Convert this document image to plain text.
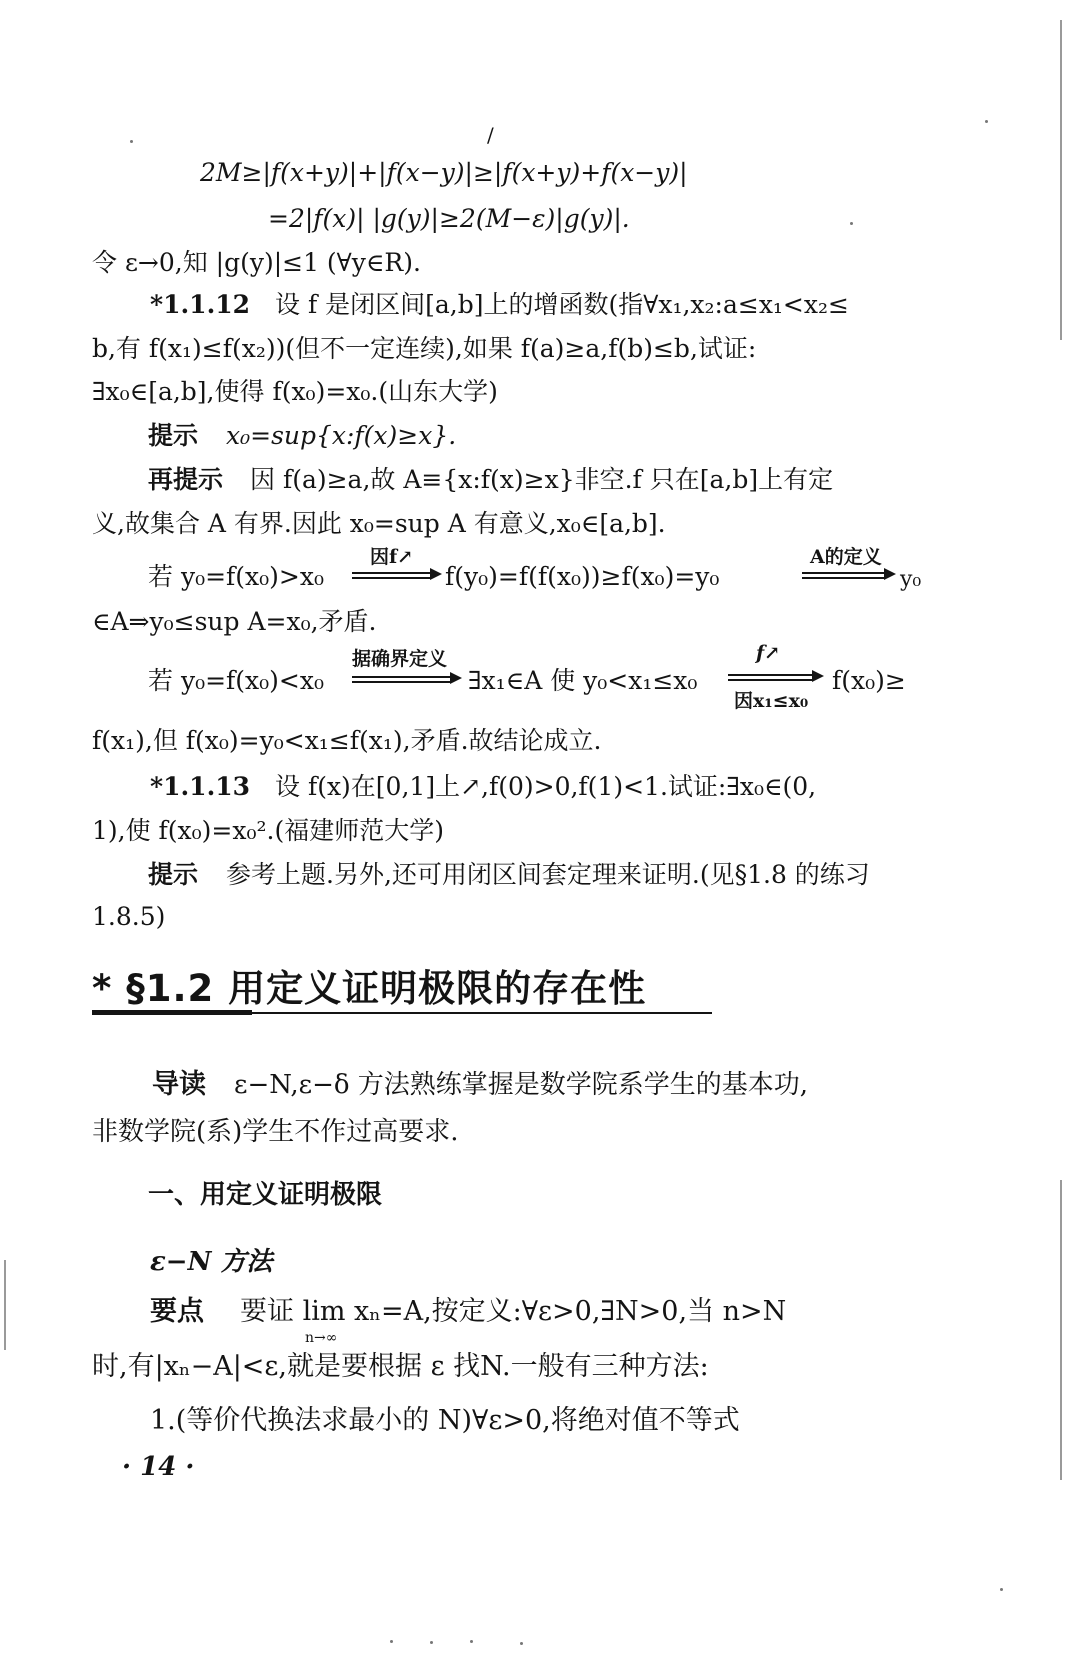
/
2M≥|f(x+y)|+|f(x−y)|≥|f(x+y)+f(x−y)|
=2|f(x)| |g(y)|≥2(M−ε)|g(y)|.
令 ε→0,知 |g(y)|≤1 (∀y∈R).
*1.1.12 设 f 是闭区间[a,b]上的增函数(指∀x₁,x₂:a≤x₁<x₂≤
b,有 f(x₁)≤f(x₂))(但不一定连续),如果 f(a)≥a,f(b)≤b,试证:
∃x₀∈[a,b],使得 f(x₀)=x₀.(山东大学)
提示 x₀=sup{x:f(x)≥x}.
再提示 因 f(a)≥a,故 A≡{x:f(x)≥x}非空.f 只在[a,b]上有定
义,故集合 A 有界.因此 x₀=sup A 有意义,x₀∈[a,b].
若 y₀=f(x₀)>x₀
因f↗
f(y₀)=f(f(x₀))≥f(x₀)=y₀
A的定义
y₀
∈A⇒y₀≤sup A=x₀,矛盾.
若 y₀=f(x₀)<x₀
据确界定义
∃x₁∈A 使 y₀<x₁≤x₀
f↗
因x₁≤x₀
f(x₀)≥
f(x₁),但 f(x₀)=y₀<x₁≤f(x₁),矛盾.故结论成立.
*1.1.13 设 f(x)在[0,1]上↗,f(0)>0,f(1)<1.试证:∃x₀∈(0,
1),使 f(x₀)=x₀².(福建师范大学)
提示 参考上题.另外,还可用闭区间套定理来证明.(见§1.8 的练习
1.8.5)
* §1.2 用定义证明极限的存在性
导读 ε−N,ε−δ 方法熟练掌握是数学院系学生的基本功,
非数学院(系)学生不作过高要求.
一、用定义证明极限
ε−N 方法
要点 要证 lim xₙ=A,按定义:∀ε>0,∃N>0,当 n>N
n→∞
时,有|xₙ−A|<ε,就是要根据 ε 找N.一般有三种方法:
1.(等价代换法求最小的 N)∀ε>0,将绝对值不等式
· 14 ·
